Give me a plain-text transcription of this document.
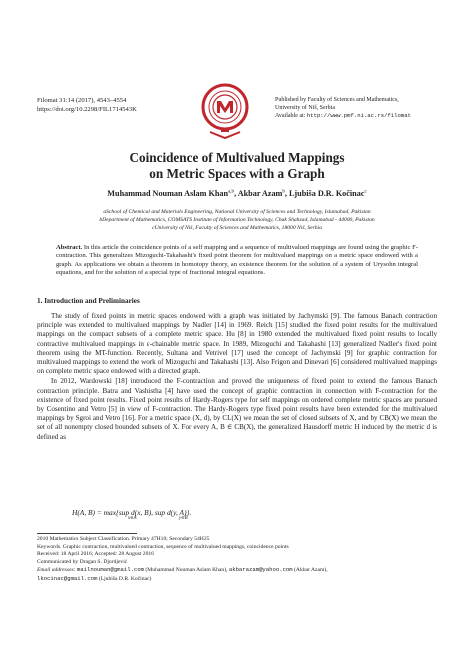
Filomat 31:14 (2017), 4543–4554
https://doi.org/10.2298/FIL1714543K
Published by Faculty of Sciences and Mathematics,
University of Niš, Serbia
Available at: http://www.pmf.ni.ac.rs/filomat
Coincidence of Multivalued Mappings
on Metric Spaces with a Graph
Muhammad Nouman Aslam Khan$^{a,b}$, Akbar Azam$^b$, Ljubiša D.R. Kočinac$^c$
aSchool of Chemical and Materials Engineering, National University of Sciences and Technology, Islamabad, Pakistan
bDepartment of Mathematics, COMSATS Institute of Information Technology, Chak Shahzad, Islamabad - 44000, Pakistan
cUniversity of Niš, Faculty of Sciences and Mathematics, 18000 Niš, Serbia
Abstract. In this article the coincidence points of a self mapping and a sequence of multivalued mappings are found using the graphic F-contraction. This generalizes Mizoguchi-Takahashi's fixed point theorem for multivalued mappings on a metric space endowed with a graph. As applications we obtain a theorem in homotopy theory, an existence theorem for the solution of a system of Urysohn integral equations, and for the solution of a special type of fractional integral equations.
1. Introduction and Preliminaries

The study of fixed points in metric spaces endowed with a graph was initiated by Jachymski [9]. The famous Banach contraction principle was extended to multivalued mappings by Nadler [14] in 1969. Reich [15] studied the fixed point results for the multivalued mappings on the compact subsets of a complete metric space. Hu [8] in 1980 extended the multivalued fixed point results to locally contractive multivalued mappings in ε-chainable metric space. In 1989, Mizoguchi and Takahashi [13] generalized Nadler's fixed point theorem using the MT-function. Recently, Sultana and Vetrivel [17] used the concept of Jachymski [9] for graphic contraction for multivalued mappings to extend the work of Mizoguchi and Takahashi [13]. Also Frigon and Dinevari [6] considered multivalued mappings on complete metric space endowed with a directed graph.

In 2012, Wardowski [18] introduced the F-contraction and proved the uniqueness of fixed point to extend the famous Banach contraction principle. Batra and Vashistha [4] have used the concept of graphic contraction in connection with F-contraction for the existence of fixed point results. Fixed point results of Hardy-Rogers type for self mappings on ordered complete metric spaces are pursued by Cosentino and Vetro [5] in view of F-contraction. The Hardy-Rogers type fixed point results have been extended for the multivalued mappings by Sgroi and Vetro [16]. For a metric space (X, d), by CL(X) we mean the set of closed subsets of X, and by CB(X) we mean the set of all nonempty closed bounded subsets of X. For every A, B ∈ CB(X), the generalized Hausdorff metric H induced by the metric d is defined as

H(A, B) = max{sup d(x, B), sup d(y, A)}.
x∈A	y∈B
2010 Mathematics Subject Classification. Primary 47H10; Secondary 54H25
Keywords. Graphic contraction, multivalued contraction, sequence of multivalued mappings, coincidence points
Received: 18 April 2016; Accepted: 28 August 2016
Communicated by Dragan S. Djordjević
Email addresses: mailnouman@gmail.com (Muhammad Nouman Aslam Khan), akbarazam@yahoo.com (Akbar Azam),
lkocinac@gmail.com (Ljubiša D.R. Kočinac)
